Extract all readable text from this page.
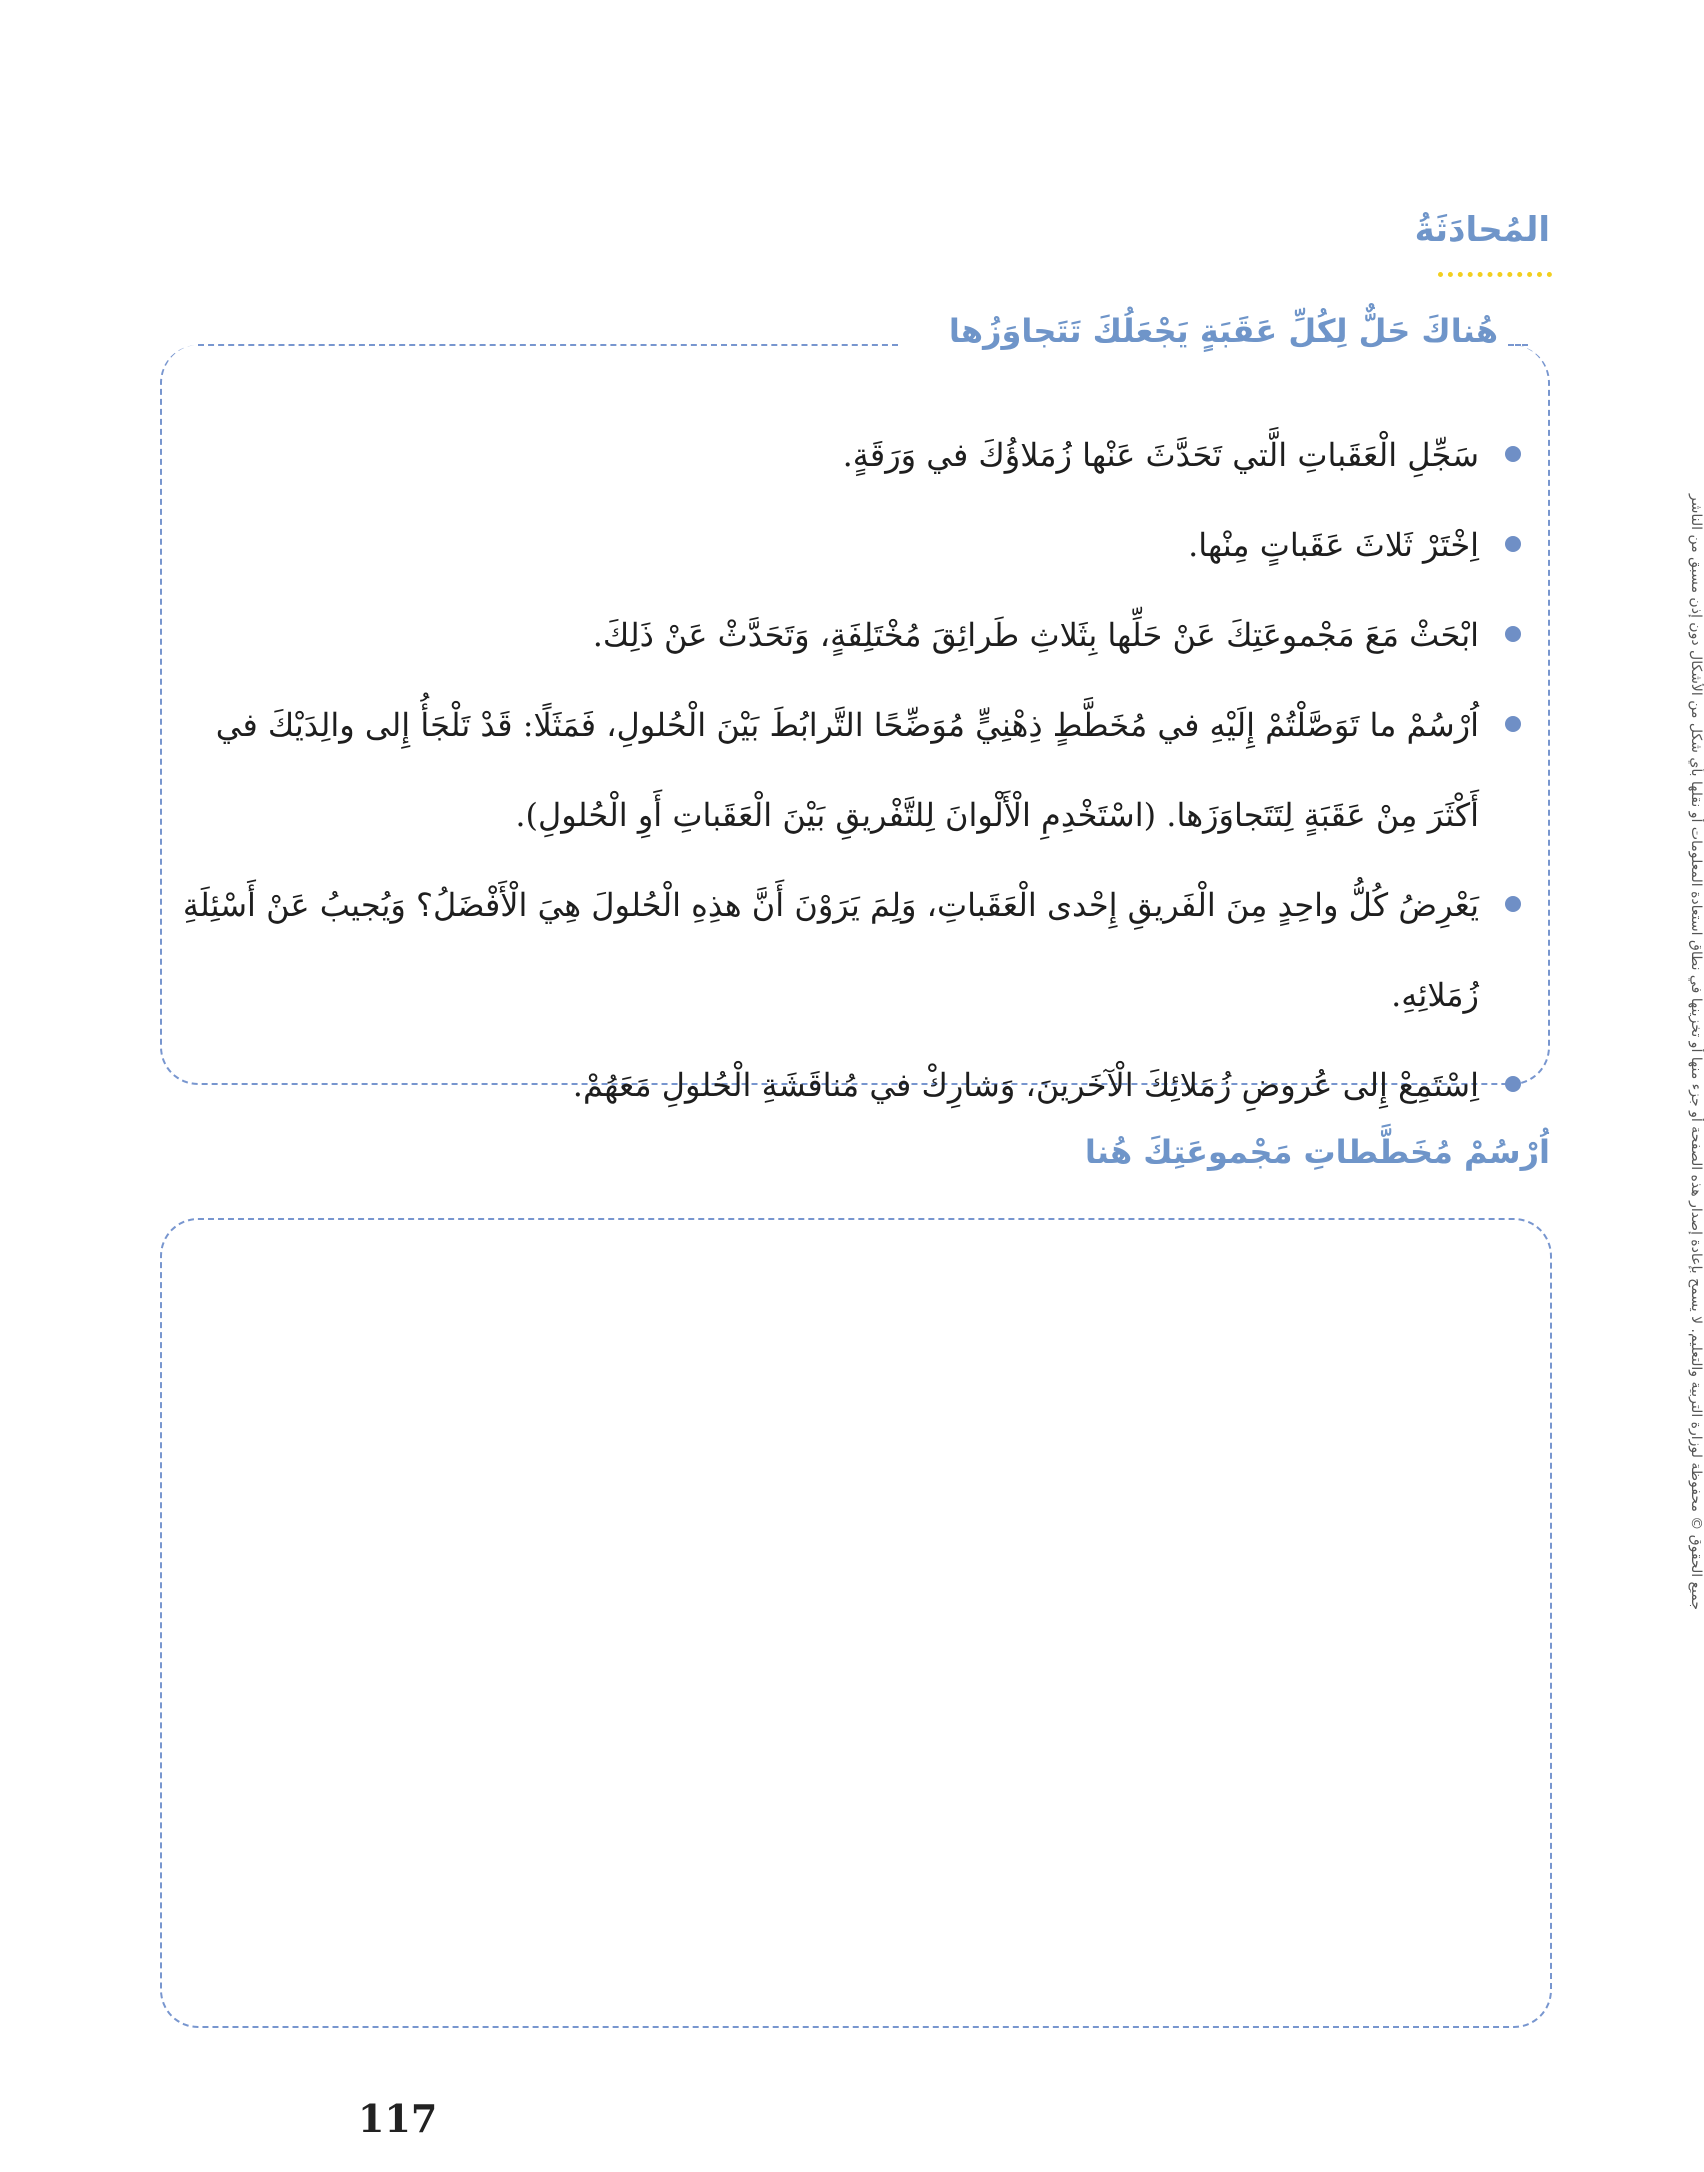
المُحادَثَةُ
هُناكَ حَلٌّ لِكُلِّ عَقَبَةٍ يَجْعَلُكَ تَتَجاوَزُها
سَجِّلِ الْعَقَباتِ الَّتي تَحَدَّثَ عَنْها زُمَلاؤُكَ في وَرَقَةٍ.
اِخْتَرْ ثَلاثَ عَقَباتٍ مِنْها.
ابْحَثْ مَعَ مَجْموعَتِكَ عَنْ حَلِّها بِثَلاثِ طَرائِقَ مُخْتَلِفَةٍ، وَتَحَدَّثْ عَنْ ذَلِكَ.
اُرْسُمْ ما تَوَصَّلْتُمْ إِلَيْهِ في مُخَطَّطٍ ذِهْنِيٍّ مُوَضِّحًا التَّرابُطَ بَيْنَ الْحُلولِ، فَمَثَلًا: قَدْ تَلْجَأُ إِلى والِدَيْكَ في أَكْثَرَ مِنْ عَقَبَةٍ لِتَتَجاوَزَها. (اسْتَخْدِمِ الْأَلْوانَ لِلتَّفْريقِ بَيْنَ الْعَقَباتِ أَوِ الْحُلولِ).
يَعْرِضُ كُلُّ واحِدٍ مِنَ الْفَريقِ إِحْدى الْعَقَباتِ، وَلِمَ يَرَوْنَ أَنَّ هذِهِ الْحُلولَ هِيَ الْأَفْضَلُ؟ وَيُجيبُ عَنْ أَسْئِلَةِ زُمَلائِهِ.
اِسْتَمِعْ إِلى عُروضِ زُمَلائِكَ الْآخَرينَ، وَشارِكْ في مُناقَشَةِ الْحُلولِ مَعَهُمْ.
اُرْسُمْ مُخَطَّطاتِ مَجْموعَتِكَ هُنا	جميع الحقوق © محفوظة لوزارة التربية والتعليم. لا يسمح بإعادة إصدار هذه الصفحة أو جزء منها أو تخزينها في نطاق استعادة المعلومات أو نقلها بأي شكل من الأشكال دون إذن مسبق من الناشر

117
